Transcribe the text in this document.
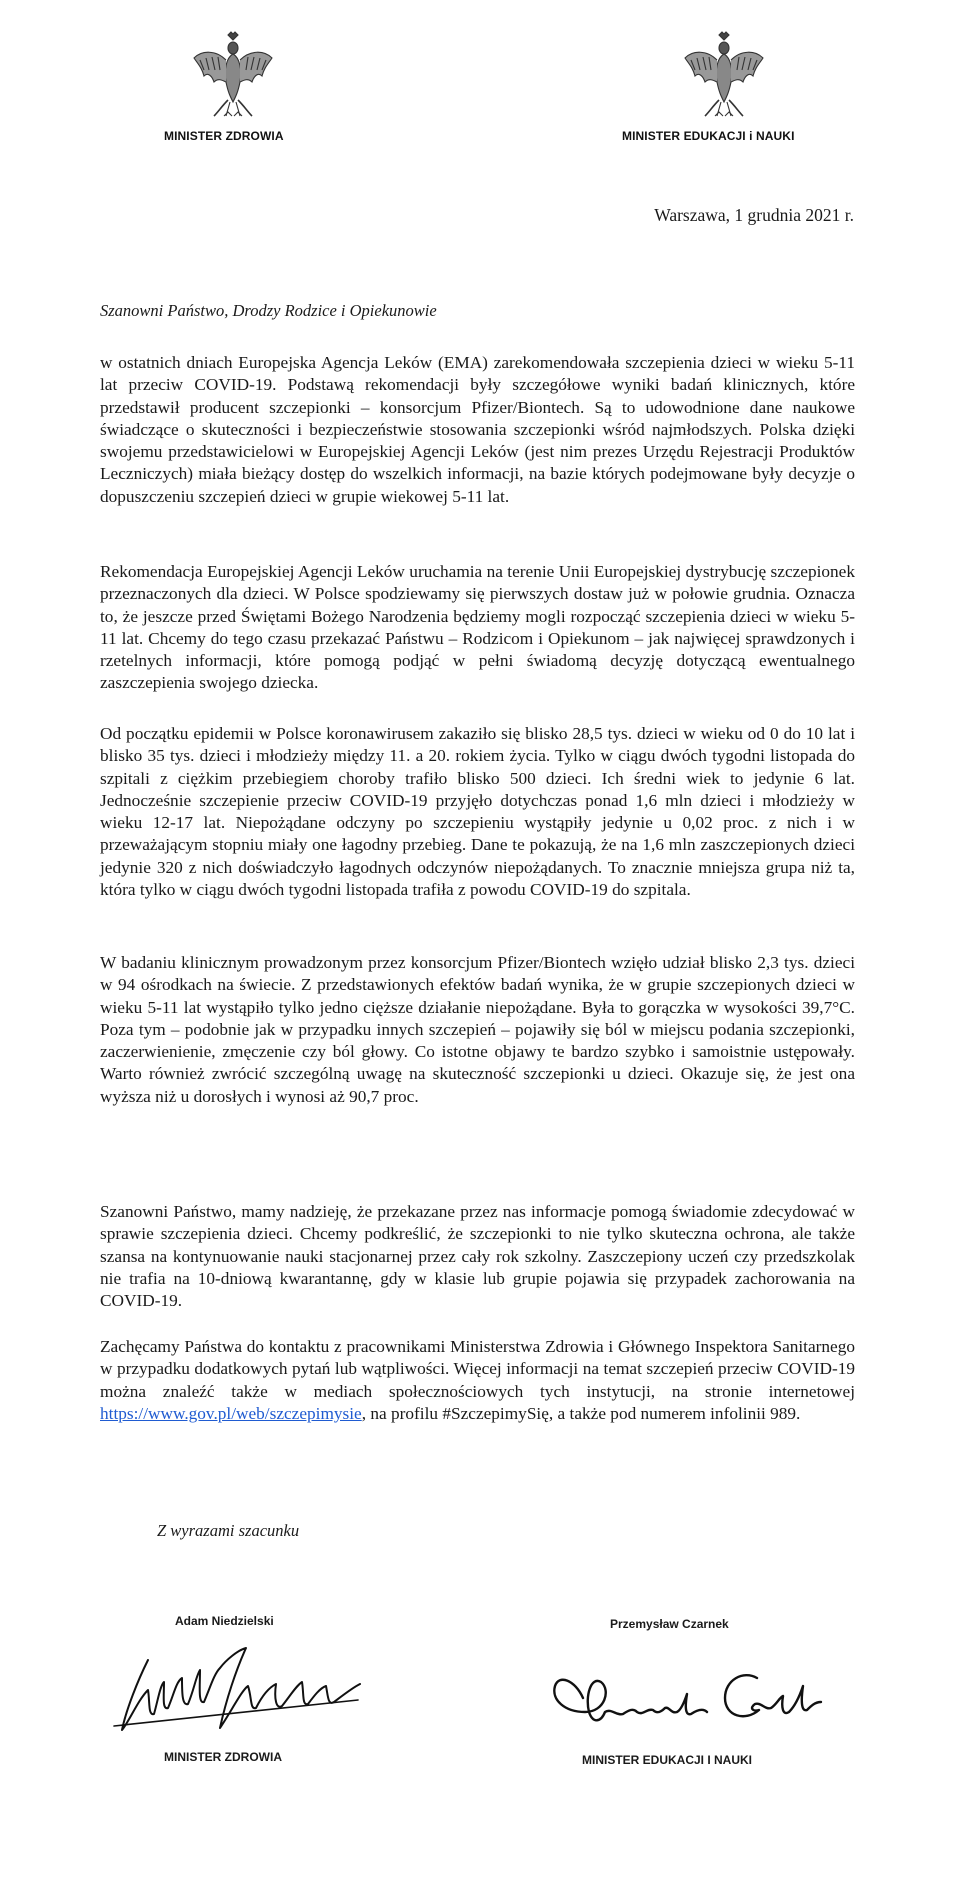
MINISTER ZDROWIA	MINISTER EDUKACJI i NAUKI
Warszawa, 1 grudnia 2021 r.
Szanowni Państwo, Drodzy Rodzice i Opiekunowie

w ostatnich dniach Europejska Agencja Leków (EMA) zarekomendowała szczepienia dzieci w wieku 5-11 lat przeciw COVID-19. Podstawą rekomendacji były szczegółowe wyniki badań klinicznych, które przedstawił producent szczepionki – konsorcjum Pfizer/Biontech. Są to udowodnione dane naukowe świadczące o skuteczności i bezpieczeństwie stosowania szczepionki wśród najmłodszych. Polska dzięki swojemu przedstawicielowi w Europejskiej Agencji Leków (jest nim prezes Urzędu Rejestracji Produktów Leczniczych) miała bieżący dostęp do wszelkich informacji, na bazie których podejmowane były decyzje o dopuszczeniu szczepień dzieci w grupie wiekowej 5-11 lat.

Rekomendacja Europejskiej Agencji Leków uruchamia na terenie Unii Europejskiej dystrybucję szczepionek przeznaczonych dla dzieci. W Polsce spodziewamy się pierwszych dostaw już w połowie grudnia. Oznacza to, że jeszcze przed Świętami Bożego Narodzenia będziemy mogli rozpocząć szczepienia dzieci w wieku 5-11 lat. Chcemy do tego czasu przekazać Państwu – Rodzicom i Opiekunom – jak najwięcej sprawdzonych i rzetelnych informacji, które pomogą podjąć w pełni świadomą decyzję dotyczącą ewentualnego zaszczepienia swojego dziecka.

Od początku epidemii w Polsce koronawirusem zakaziło się blisko 28,5 tys. dzieci w wieku od 0 do 10 lat i blisko 35 tys. dzieci i młodzieży między 11. a 20. rokiem życia. Tylko w ciągu dwóch tygodni listopada do szpitali z ciężkim przebiegiem choroby trafiło blisko 500 dzieci. Ich średni wiek to jedynie 6 lat. Jednocześnie szczepienie przeciw COVID-19 przyjęło dotychczas ponad 1,6 mln dzieci i młodzieży w wieku 12-17 lat. Niepożądane odczyny po szczepieniu wystąpiły jedynie u 0,02 proc. z nich i w przeważającym stopniu miały one łagodny przebieg. Dane te pokazują, że na 1,6 mln zaszczepionych dzieci jedynie 320 z nich doświadczyło łagodnych odczynów niepożądanych. To znacznie mniejsza grupa niż ta, która tylko w ciągu dwóch tygodni listopada trafiła z powodu COVID-19 do szpitala.

W badaniu klinicznym prowadzonym przez konsorcjum Pfizer/Biontech wzięło udział blisko 2,3 tys. dzieci w 94 ośrodkach na świecie. Z przedstawionych efektów badań wynika, że w grupie szczepionych dzieci w wieku 5-11 lat wystąpiło tylko jedno cięższe działanie niepożądane. Była to gorączka w wysokości 39,7°C. Poza tym – podobnie jak w przypadku innych szczepień – pojawiły się ból w miejscu podania szczepionki, zaczerwienienie, zmęczenie czy ból głowy. Co istotne objawy te bardzo szybko i samoistnie ustępowały. Warto również zwrócić szczególną uwagę na skuteczność szczepionki u dzieci. Okazuje się, że jest ona wyższa niż u dorosłych i wynosi aż 90,7 proc.

Szanowni Państwo, mamy nadzieję, że przekazane przez nas informacje pomogą świadomie zdecydować w sprawie szczepienia dzieci. Chcemy podkreślić, że szczepionki to nie tylko skuteczna ochrona, ale także szansa na kontynuowanie nauki stacjonarnej przez cały rok szkolny. Zaszczepiony uczeń czy przedszkolak nie trafia na 10-dniową kwarantannę, gdy w klasie lub grupie pojawia się przypadek zachorowania na COVID-19.

Zachęcamy Państwa do kontaktu z pracownikami Ministerstwa Zdrowia i Głównego Inspektora Sanitarnego w przypadku dodatkowych pytań lub wątpliwości. Więcej informacji na temat szczepień przeciw COVID-19 można znaleźć także w mediach społecznościowych tych instytucji, na stronie internetowej https://www.gov.pl/web/szczepimysie, na profilu #SzczepimySię, a także pod numerem infolinii 989.

Z wyrazami szacunku
Adam Niedzielski	Przemysław Czarnek
MINISTER ZDROWIA	MINISTER EDUKACJI I NAUKI
